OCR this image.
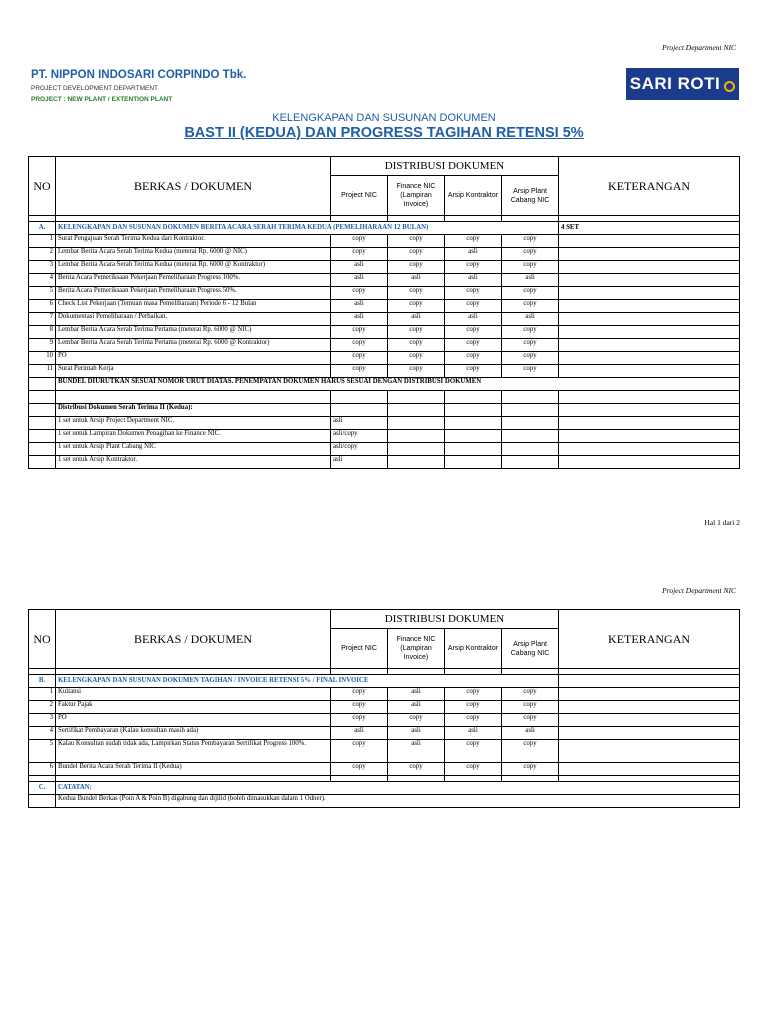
Project Department NIC
PT. NIPPON INDOSARI CORPINDO Tbk.
PROJECT DEVELOPMENT DEPARTMENT
PROJECT : NEW PLANT / EXTENTION PLANT
SARI ROTI
KELENGKAPAN DAN SUSUNAN DOKUMEN
BAST II (KEDUA) DAN PROGRESS TAGIHAN RETENSI 5%
NO	BERKAS / DOKUMEN	DISTRIBUSI DOKUMEN				KETERANGAN
		Project NIC	Finance NIC (Lampiran Invoice)	Arsip Kontraktor	Arsip Plant Cabang NIC	

A.	KELENGKAPAN DAN SUSUNAN DOKUMEN BERITA ACARA SERAH TERIMA KEDUA (PEMELIHARAAN 12 BULAN)					4 SET
1	Surat Pengajuan Serah Terima Kedua dari Kontraktor.	copy	copy	copy	copy	
2	Lembar Berita Acara Serah Terima Kedua (meterai Rp. 6000 @ NIC)	copy	copy	asli	copy	
3	Lembar Berita Acara Serah Terima Kedua (meterai Rp. 6000 @ Kontraktor)	asli	copy	copy	copy	
4	Berita Acara Pemeriksaan Pekerjaan Pemeliharaan Progress 100%.	asli	asli	asli	asli	
5	Berita Acara Pemeriksaan Pekerjaan Pemeliharaan Progress 50%.	copy	copy	copy	copy	
6	Check List Pekerjaan (Temuan masa Pemeliharaan) Periode 6 - 12 Bulan	asli	copy	copy	copy	
7	Dokumentasi Pemeliharaan / Perbaikan.	asli	asli	asli	asli	
8	Lembar Berita Acara Serah Terima Pertama (meterai Rp. 6000 @ NIC)	copy	copy	copy	copy	
9	Lembar Berita Acara Serah Terima Pertama (meterai Rp. 6000 @ Kontraktor)	copy	copy	copy	copy	
10	PO	copy	copy	copy	copy	
11	Surat Perintah Kerja	copy	copy	copy	copy	
	BUNDEL DIURUTKAN SESUAI NOMOR URUT DIATAS. PENEMPATAN DOKUMEN HARUS SESUAI DENGAN DISTRIBUSI DOKUMEN					

	Distribusi Dokumen Serah Terima II (Kedua):					
	1 set untuk Arsip Project Department NIC.	asli				
	1 set untuk Lampiran Dokumen Penagihan ke Finance NIC.	asli/copy				
	1 set untuk Arsip Plant Cabang NIC	asli/copy				
	1 set untuk Arsip Kontraktor.	asli				
Hal 1 dari 2
Project Department NIC
NO	BERKAS / DOKUMEN	DISTRIBUSI DOKUMEN				KETERANGAN
		Project NIC	Finance NIC (Lampiran Invoice)	Arsip Kontraktor	Arsip Plant Cabang NIC	

B.	KELENGKAPAN DAN SUSUNAN DOKUMEN TAGIHAN / INVOICE RETENSI 5% / FINAL INVOICE					
1	Kuitansi	copy	asli	copy	copy	
2	Faktur Pajak	copy	asli	copy	copy	
3	PO	copy	copy	copy	copy	
4	Sertifikat Pembayaran (Kalau konsultan masih ada)	asli	asli	asli	asli	
5	Kalau Konsultan sudah tidak ada, Lampirkan Status Pembayaran Sertifikat Progress 100%.	copy	asli	copy	copy	
6	Bundel Berita Acara Serah Terima II (Kedua)	copy	copy	copy	copy	

C.	CATATAN:					
	Kedua Bundel Berkas (Poin A & Poin B) digabung dan dijilid (boleh dimasukkan dalam 1 Odner).					
